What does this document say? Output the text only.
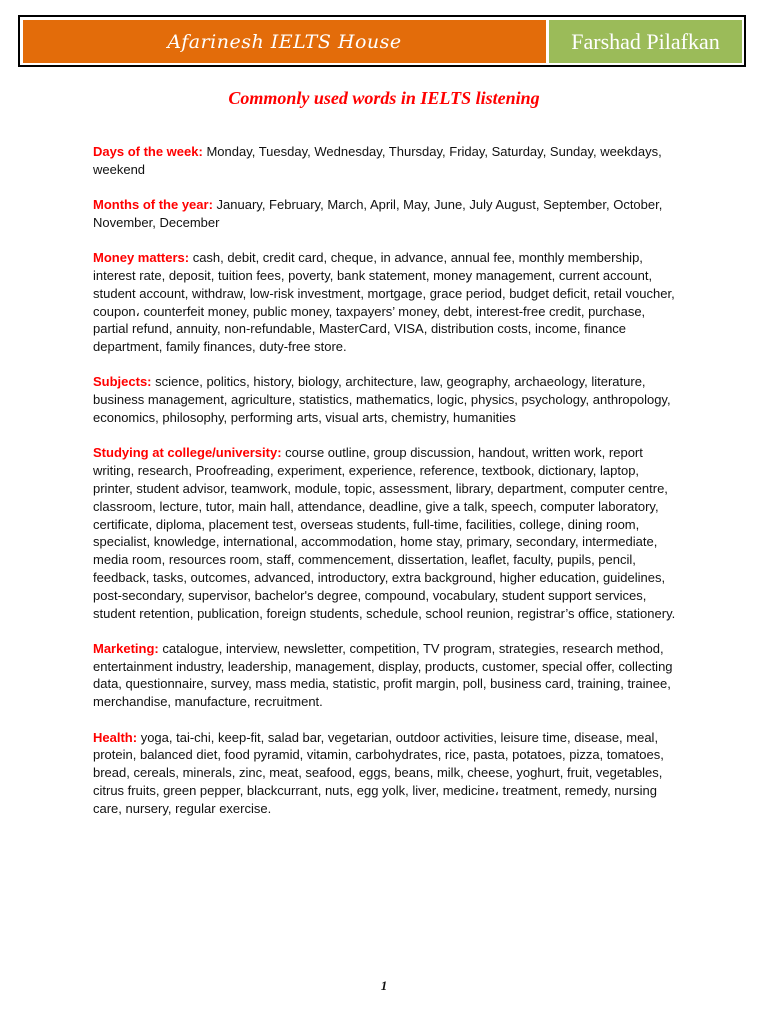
Afarinesh IELTS House	Farshad Pilafkan
Commonly used words in IELTS listening

Days of the week: Monday, Tuesday, Wednesday, Thursday, Friday, Saturday, Sunday, weekdays, weekend

Months of the year: January, February, March, April, May, June, July August, September, October, November, December

Money matters: cash, debit, credit card, cheque, in advance, annual fee, monthly membership, interest rate, deposit, tuition fees, poverty, bank statement, money management, current account, student account, withdraw, low-risk investment, mortgage, grace period, budget deficit, retail voucher, coupon، counterfeit money, public money, taxpayers’ money, debt, interest-free credit, purchase, partial refund, annuity, non-refundable, MasterCard, VISA, distribution costs, income, finance department, family finances, duty-free store.

Subjects: science, politics, history, biology, architecture, law, geography, archaeology, literature, business management, agriculture, statistics, mathematics, logic, physics, psychology, anthropology, economics, philosophy, performing arts, visual arts, chemistry, humanities

Studying at college/university: course outline, group discussion, handout, written work, report writing, research, Proofreading, experiment, experience, reference, textbook, dictionary, laptop, printer, student advisor, teamwork, module, topic, assessment, library, department, computer centre, classroom, lecture, tutor, main hall, attendance, deadline, give a talk, speech, computer laboratory, certificate, diploma, placement test, overseas students, full-time, facilities, college, dining room, specialist, knowledge, international, accommodation, home stay, primary, secondary, intermediate, media room, resources room, staff, commencement, dissertation, leaflet, faculty, pupils, pencil, feedback, tasks, outcomes, advanced, introductory, extra background, higher education, guidelines, post-secondary, supervisor, bachelor's degree, compound, vocabulary, student support services, student retention, publication, foreign students, schedule, school reunion, registrar’s office, stationery.

Marketing: catalogue, interview, newsletter, competition, TV program, strategies, research method, entertainment industry, leadership, management, display, products, customer, special offer, collecting data, questionnaire, survey, mass media, statistic, profit margin, poll, business card, training, trainee, merchandise, manufacture, recruitment.

Health: yoga, tai-chi, keep-fit, salad bar, vegetarian, outdoor activities, leisure time, disease, meal, protein, balanced diet, food pyramid, vitamin, carbohydrates, rice, pasta, potatoes, pizza, tomatoes, bread, cereals, minerals, zinc, meat, seafood, eggs, beans, milk, cheese, yoghurt, fruit, vegetables, citrus fruits, green pepper, blackcurrant, nuts, egg yolk, liver, medicine، treatment, remedy, nursing care, nursery, regular exercise.

1
